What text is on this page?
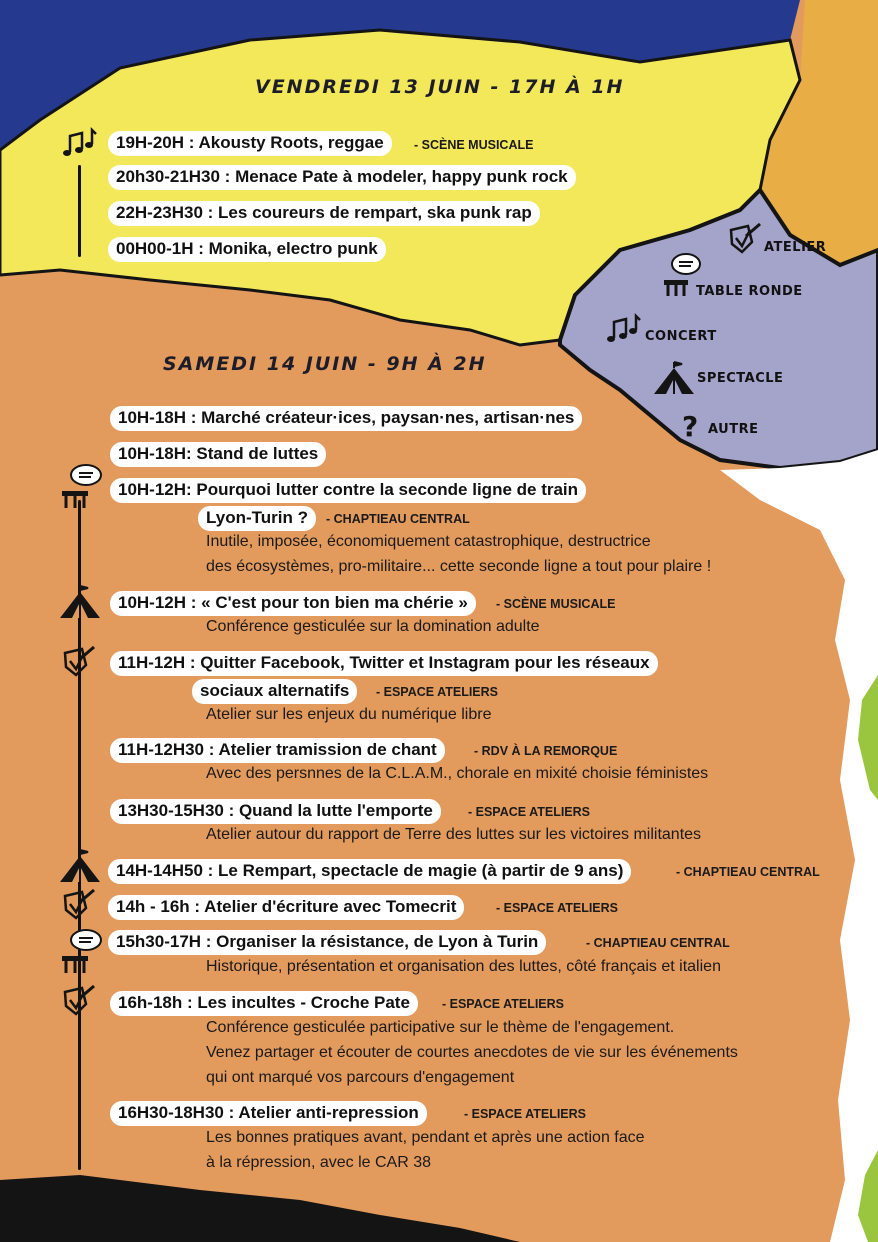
VENDREDI 13 JUIN - 17H À 1H
19H-20H : Akousty Roots, reggae	- SCÈNE MUSICALE
20h30-21H30 : Menace Pate à modeler, happy punk rock
22H-23H30 : Les coureurs de rempart, ska punk rap
00H00-1H : Monika, electro punk	ATELIER
TABLE RONDE
CONCERT
SPECTACLE
? AUTRE
SAMEDI 14 JUIN - 9H À 2H
10H-18H : Marché créateur·ices, paysan·nes, artisan·nes
10H-18H: Stand de luttes
10H-12H: Pourquoi lutter contre la seconde ligne de train
Lyon-Turin ?	- CHAPTIEAU CENTRAL
Inutile, imposée, économiquement catastrophique, destructrice
des écosystèmes, pro-militaire... cette seconde ligne a tout pour plaire !
10H-12H : « C'est pour ton bien ma chérie »	- SCÈNE MUSICALE
Conférence gesticulée sur la domination adulte
11H-12H : Quitter Facebook, Twitter et Instagram pour les réseaux
sociaux alternatifs	- ESPACE ATELIERS
Atelier sur les enjeux du numérique libre
11H-12H30 : Atelier tramission de chant	- RDV À LA REMORQUE
Avec des persnnes de la C.L.A.M., chorale en mixité choisie féministes
13H30-15H30 : Quand la lutte l'emporte	- ESPACE ATELIERS
Atelier autour du rapport de Terre des luttes sur les victoires militantes
14H-14H50 : Le Rempart, spectacle de magie (à partir de 9 ans)	- CHAPTIEAU CENTRAL
14h - 16h : Atelier d'écriture avec Tomecrit	- ESPACE ATELIERS
15h30-17H : Organiser la résistance, de Lyon à Turin	- CHAPTIEAU CENTRAL
Historique, présentation et organisation des luttes, côté français et italien
16h-18h : Les incultes - Croche Pate	- ESPACE ATELIERS
Conférence gesticulée participative sur le thème de l'engagement.
Venez partager et écouter de courtes anecdotes de vie sur les événements
qui ont marqué vos parcours d'engagement
16H30-18H30 : Atelier anti-repression	- ESPACE ATELIERS
Les bonnes pratiques avant, pendant et après une action face
à la répression, avec le CAR 38
